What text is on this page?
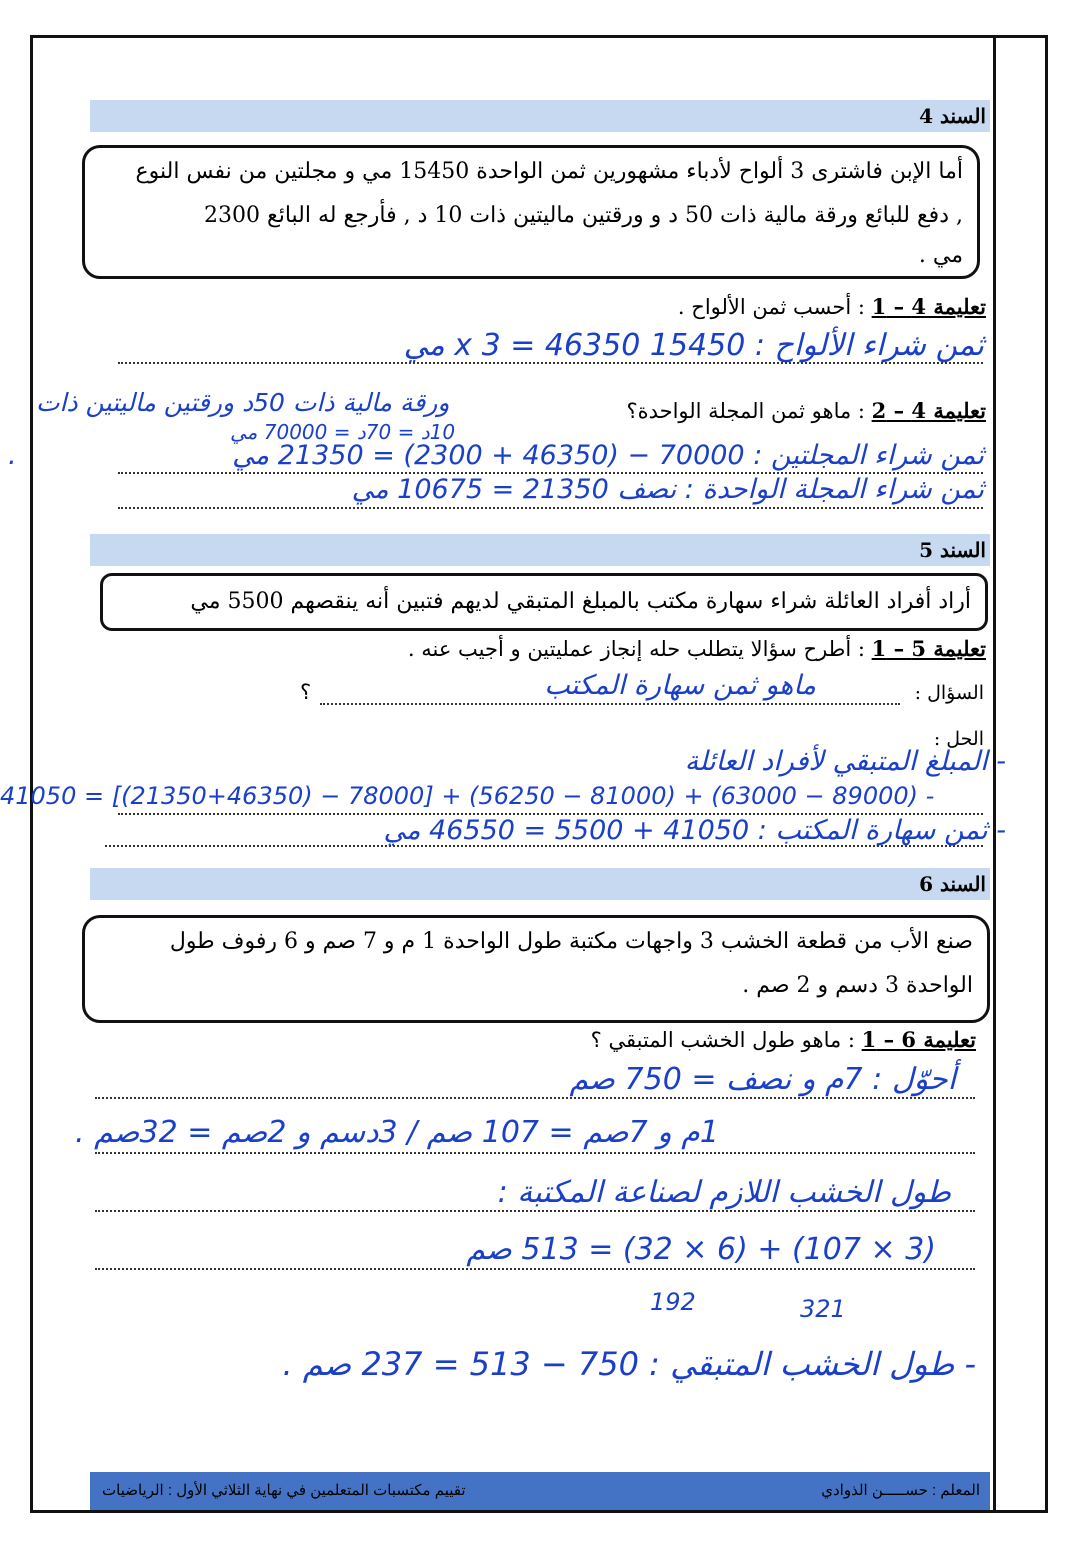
السند 4
أما الإبن فاشترى 3 ألواح لأدباء مشهورين ثمن الواحدة 15450 مي و مجلتين من نفس النوع
, دفع للبائع ورقة مالية ذات 50 د و ورقتين ماليتين ذات 10 د , فأرجع له البائع 2300
مي .
تعليمة 4 – 1 : أحسب ثمن الألواح .
ثمن شراء الألواح : 15450 x 3 = 46350 مي
تعليمة 4 – 2 : ماهو ثمن المجلة الواحدة؟
ورقة مالية ذات 50د ورقتين ماليتين ذات
10د = 70د = 70000 مي
ثمن شراء المجلتين : 70000 − (46350 + 2300) = 21350 مي
.
ثمن شراء المجلة الواحدة : نصف 21350 = 10675 مي
السند 5
أراد أفراد العائلة شراء سهارة مكتب بالمبلغ المتبقي لديهم فتبين أنه ينقصهم 5500 مي
تعليمة 5 – 1 : أطرح سؤالا يتطلب حله إنجاز عمليتين و أجيب عنه .
السؤال :
؟	ماهو ثمن سهارة المكتب
الحل :
- المبلغ المتبقي لأفراد العائلة
41050 = [(21350+46350) − 78000] + (56250 − 81000) + (63000 − 89000) -
- ثمن سهارة المكتب : 41050 + 5500 = 46550 مي
السند 6
صنع الأب من قطعة الخشب 3 واجهات مكتبة طول الواحدة 1 م و 7 صم و 6 رفوف طول
الواحدة 3 دسم و 2 صم .
تعليمة 6 – 1 : ماهو طول الخشب المتبقي ؟
أحوّل : 7م و نصف = 750 صم
1م و 7صم = 107 صم / 3دسم و 2صم = 32صم .
طول الخشب اللازم لصناعة المكتبة :
(3 × 107) + (6 × 32) = 513 صم
192	321
- طول الخشب المتبقي : 750 − 513 = 237 صم .
المعلم : حســـــن الذوادي
تقييم مكتسبات المتعلمين في نهاية الثلاثي الأول : الرياضيات
